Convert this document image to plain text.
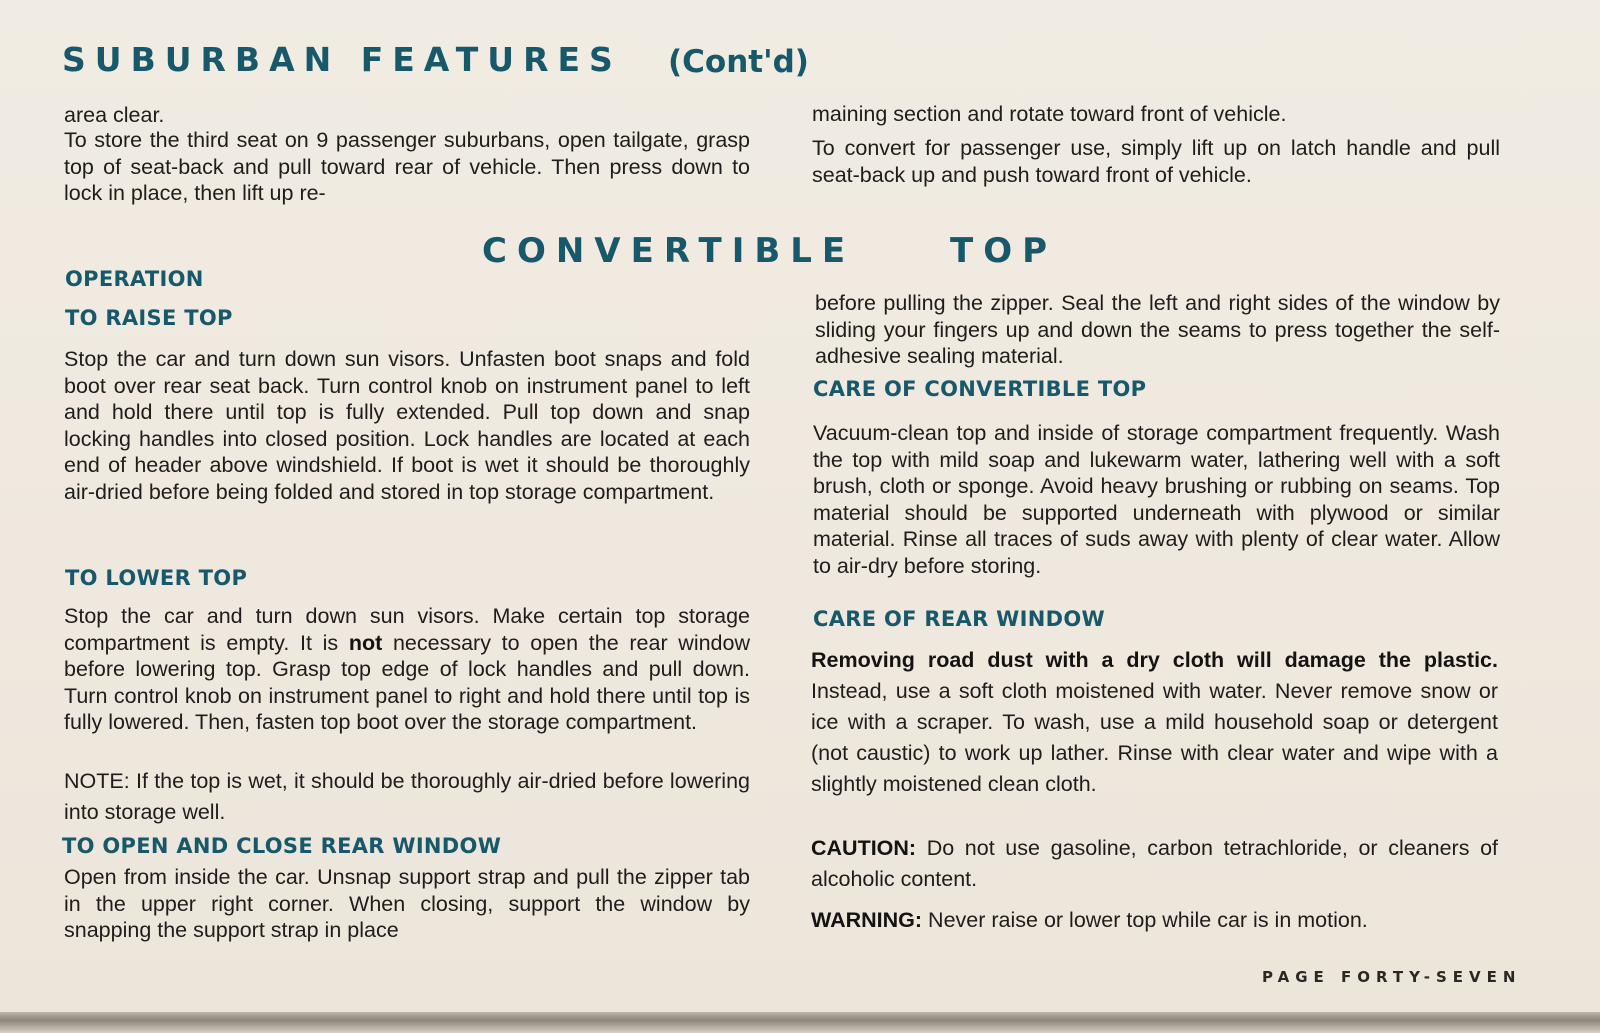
SUBURBAN FEATURES (Cont'd)

area clear.

To store the third seat on 9 passenger suburbans, open tailgate, grasp top of seat-back and pull toward rear of vehicle. Then press down to lock in place, then lift up re-

maining section and rotate toward front of vehicle.

To convert for passenger use, simply lift up on latch handle and pull seat-back up and push toward front of vehicle.

CONVERTIBLE	TOP
OPERATION
TO RAISE TOP

Stop the car and turn down sun visors. Unfasten boot snaps and fold boot over rear seat back. Turn control knob on instrument panel to left and hold there until top is fully extended. Pull top down and snap locking handles into closed position. Lock handles are located at each end of header above windshield. If boot is wet it should be thoroughly air-dried before being folded and stored in top storage compartment.

TO LOWER TOP

Stop the car and turn down sun visors. Make certain top storage compartment is empty. It is not necessary to open the rear window before lowering top. Grasp top edge of lock handles and pull down. Turn control knob on instrument panel to right and hold there until top is fully lowered. Then, fasten top boot over the storage compartment.

NOTE: If the top is wet, it should be thoroughly air-dried before lowering into storage well.

TO OPEN AND CLOSE REAR WINDOW

Open from inside the car. Unsnap support strap and pull the zipper tab in the upper right corner. When closing, support the window by snapping the support strap in place

before pulling the zipper. Seal the left and right sides of the window by sliding your fingers up and down the seams to press together the self-adhesive sealing material.

CARE OF CONVERTIBLE TOP

Vacuum-clean top and inside of storage compartment frequently. Wash the top with mild soap and lukewarm water, lathering well with a soft brush, cloth or sponge. Avoid heavy brushing or rubbing on seams. Top material should be supported underneath with plywood or similar material. Rinse all traces of suds away with plenty of clear water. Allow to air-dry before storing.

CARE OF REAR WINDOW

Removing road dust with a dry cloth will damage the plastic. Instead, use a soft cloth moistened with water. Never remove snow or ice with a scraper. To wash, use a mild household soap or detergent (not caustic) to work up lather. Rinse with clear water and wipe with a slightly moistened clean cloth.

CAUTION: Do not use gasoline, carbon tetrachloride, or cleaners of alcoholic content.

WARNING: Never raise or lower top while car is in motion.

PAGE FORTY-SEVEN
